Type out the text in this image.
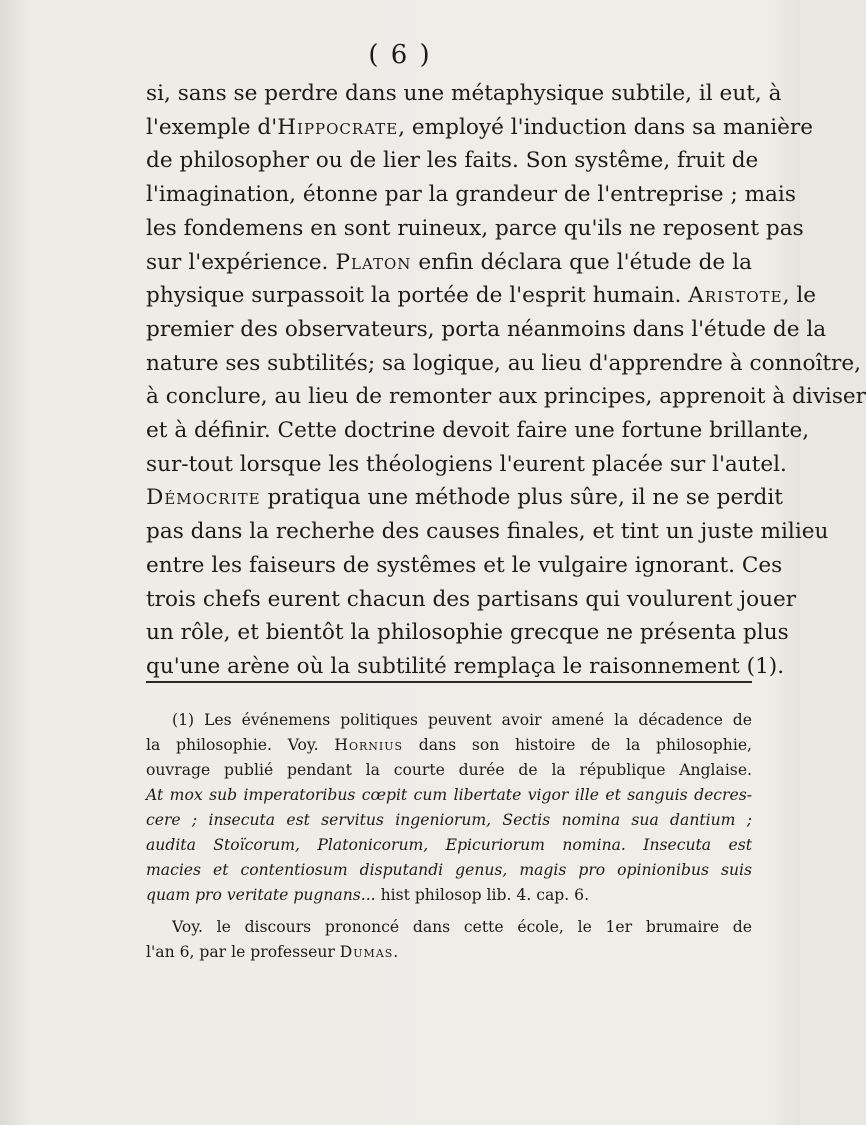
( 6 )
si, sans se perdre dans une métaphysique subtile, il eut, à
l'exemple d'Hippocrate, employé l'induction dans sa manière
de philosopher ou de lier les faits. Son systême, fruit de
l'imagination, étonne par la grandeur de l'entreprise ; mais
les fondemens en sont ruineux, parce qu'ils ne reposent pas
sur l'expérience. Platon enfin déclara que l'étude de la
physique surpassoit la portée de l'esprit humain. Aristote, le
premier des observateurs, porta néanmoins dans l'étude de la
nature ses subtilités; sa logique, au lieu d'apprendre à connoître,
à conclure, au lieu de remonter aux principes, apprenoit à diviser
et à définir. Cette doctrine devoit faire une fortune brillante,
sur-tout lorsque les théologiens l'eurent placée sur l'autel.
Démocrite pratiqua une méthode plus sûre, il ne se perdit
pas dans la recherhe des causes finales, et tint un juste milieu
entre les faiseurs de systêmes et le vulgaire ignorant. Ces
trois chefs eurent chacun des partisans qui voulurent jouer
un rôle, et bientôt la philosophie grecque ne présenta plus
qu'une arène où la subtilité remplaça le raisonnement (1).
(1) Les événemens politiques peuvent avoir amené la décadence de
la philosophie. Voy. Hornius dans son histoire de la philosophie,
ouvrage publié pendant la courte durée de la république Anglaise.
At mox sub imperatoribus cœpit cum libertate vigor ille et sanguis decres-
cere ; insecuta est servitus ingeniorum, Sectis nomina sua dantium ;
audita Stoïcorum, Platonicorum, Epicuriorum nomina. Insecuta est
macies et contentiosum disputandi genus, magis pro opinionibus suis
quam pro veritate pugnans... hist philosop lib. 4. cap. 6.
Voy. le discours prononcé dans cette école, le 1er brumaire de
l'an 6, par le professeur Dumas.
